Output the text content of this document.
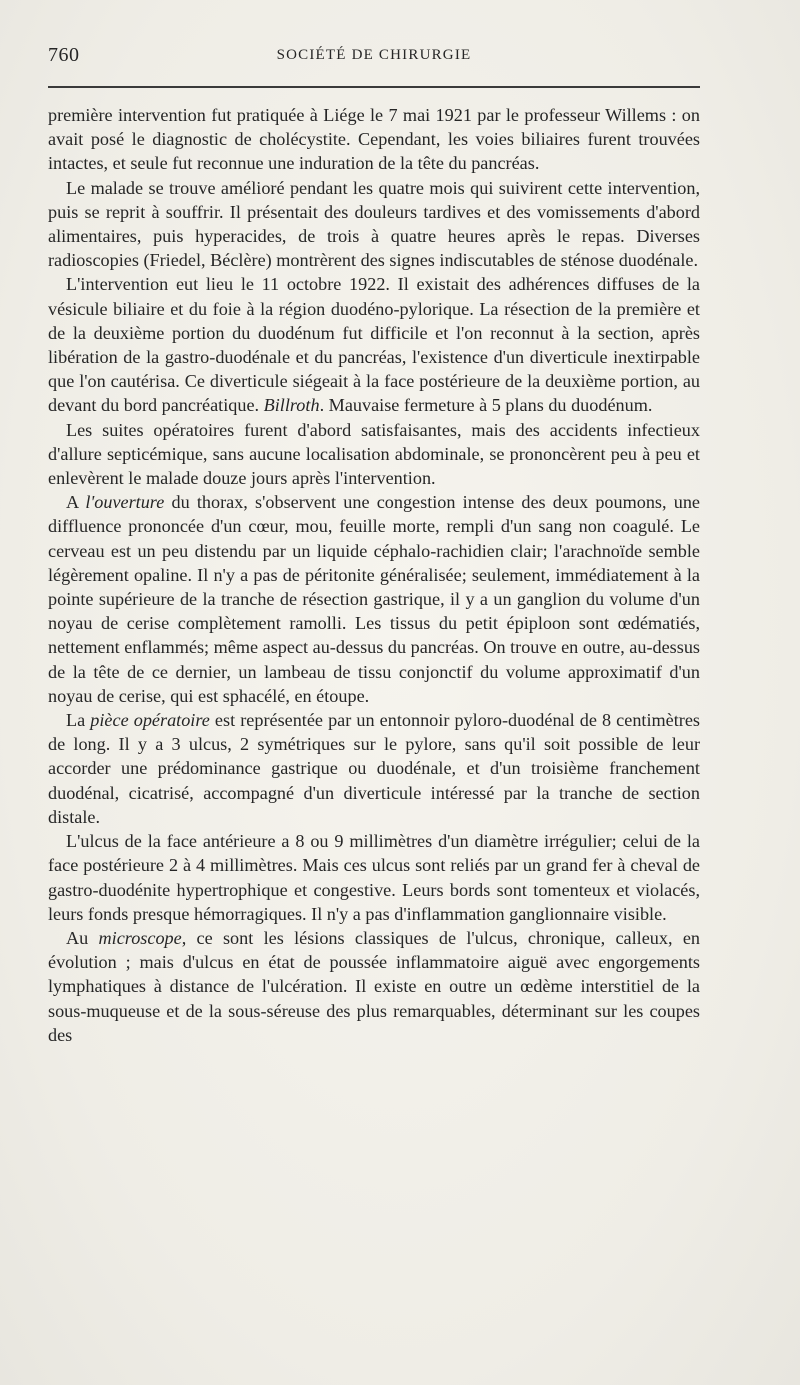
760	SOCIÉTÉ DE CHIRURGIE

première intervention fut pratiquée à Liége le 7 mai 1921 par le professeur Willems : on avait posé le diagnostic de cholécystite. Cependant, les voies biliaires furent trouvées intactes, et seule fut reconnue une induration de la tête du pancréas.

Le malade se trouve amélioré pendant les quatre mois qui suivirent cette intervention, puis se reprit à souffrir. Il présentait des douleurs tardives et des vomissements d'abord alimentaires, puis hyperacides, de trois à quatre heures après le repas. Diverses radioscopies (Friedel, Béclère) montrèrent des signes indiscutables de sténose duodénale.

L'intervention eut lieu le 11 octobre 1922. Il existait des adhérences diffuses de la vésicule biliaire et du foie à la région duodéno-pylorique. La résection de la première et de la deuxième portion du duodénum fut difficile et l'on reconnut à la section, après libération de la gastro-duodénale et du pancréas, l'existence d'un diverticule inextirpable que l'on cautérisa. Ce diverticule siégeait à la face postérieure de la deuxième portion, au devant du bord pancréatique. Billroth. Mauvaise fermeture à 5 plans du duodénum.

Les suites opératoires furent d'abord satisfaisantes, mais des accidents infectieux d'allure septicémique, sans aucune localisation abdominale, se prononcèrent peu à peu et enlevèrent le malade douze jours après l'intervention.

A l'ouverture du thorax, s'observent une congestion intense des deux poumons, une diffluence prononcée d'un cœur, mou, feuille morte, rempli d'un sang non coagulé. Le cerveau est un peu distendu par un liquide céphalo-rachidien clair; l'arachnoïde semble légèrement opaline. Il n'y a pas de péritonite généralisée; seulement, immédiatement à la pointe supérieure de la tranche de résection gastrique, il y a un ganglion du volume d'un noyau de cerise complètement ramolli. Les tissus du petit épiploon sont œdématiés, nettement enflammés; même aspect au-dessus du pancréas. On trouve en outre, au-dessus de la tête de ce dernier, un lambeau de tissu conjonctif du volume approximatif d'un noyau de cerise, qui est sphacélé, en étoupe.

La pièce opératoire est représentée par un entonnoir pyloro-duodénal de 8 centimètres de long. Il y a 3 ulcus, 2 symétriques sur le pylore, sans qu'il soit possible de leur accorder une prédominance gastrique ou duodénale, et d'un troisième franchement duodénal, cicatrisé, accompagné d'un diverticule intéressé par la tranche de section distale.

L'ulcus de la face antérieure a 8 ou 9 millimètres d'un diamètre irrégulier; celui de la face postérieure 2 à 4 millimètres. Mais ces ulcus sont reliés par un grand fer à cheval de gastro-duodénite hypertrophique et congestive. Leurs bords sont tomenteux et violacés, leurs fonds presque hémorragiques. Il n'y a pas d'inflammation ganglionnaire visible.

Au microscope, ce sont les lésions classiques de l'ulcus, chronique, calleux, en évolution ; mais d'ulcus en état de poussée inflammatoire aiguë avec engorgements lymphatiques à distance de l'ulcération. Il existe en outre un œdème interstitiel de la sous-muqueuse et de la sous-séreuse des plus remarquables, déterminant sur les coupes des
